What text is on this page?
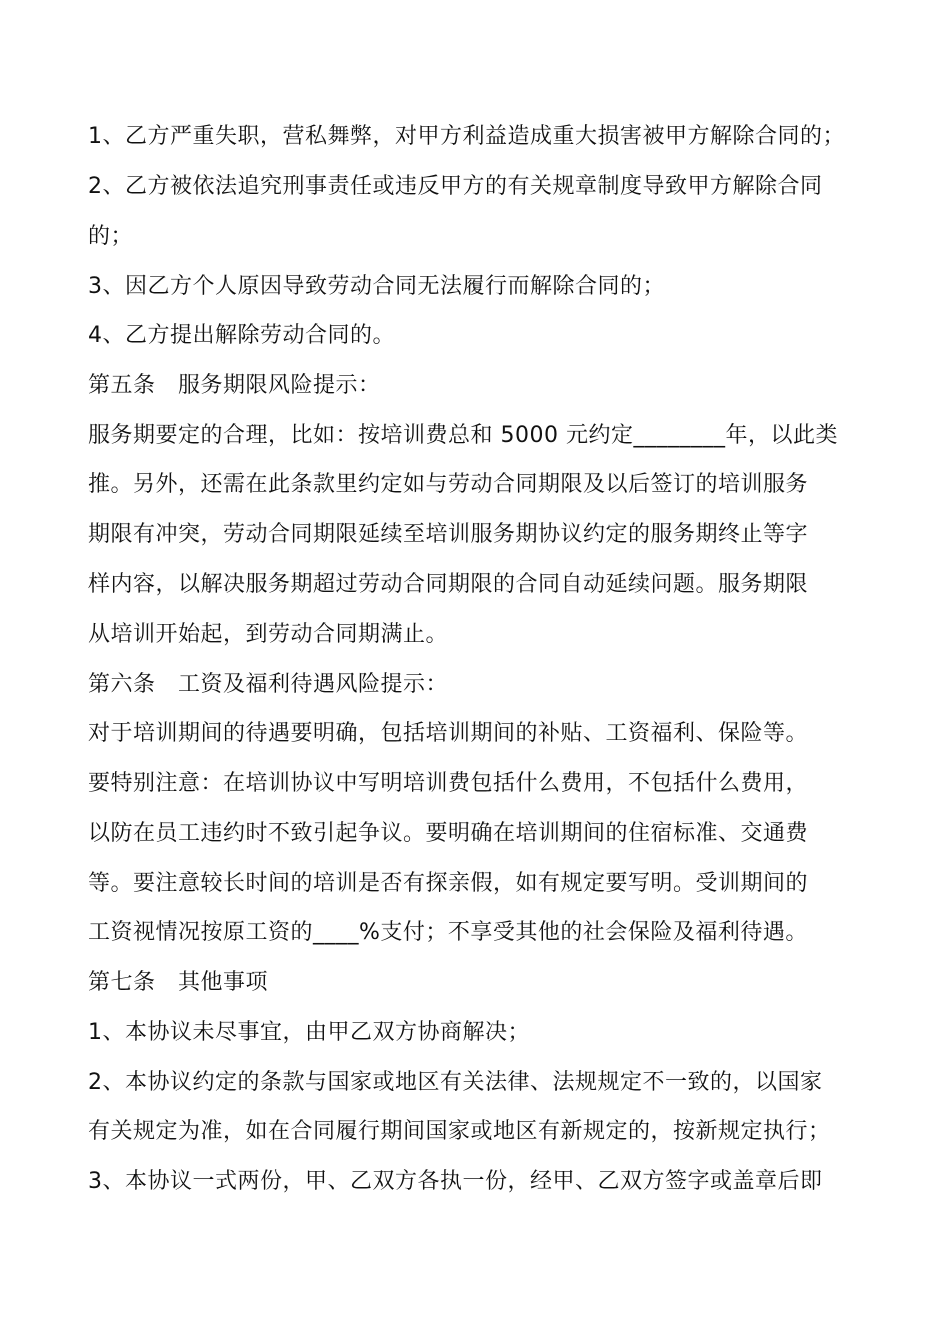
1、乙方严重失职，营私舞弊，对甲方利益造成重大损害被甲方解除合同的；
2、乙方被依法追究刑事责任或违反甲方的有关规章制度导致甲方解除合同
的；
3、因乙方个人原因导致劳动合同无法履行而解除合同的；
4、乙方提出解除劳动合同的。
第五条　服务期限风险提示：
服务期要定的合理，比如：按培训费总和 5000 元约定________年，以此类
推。另外，还需在此条款里约定如与劳动合同期限及以后签订的培训服务
期限有冲突，劳动合同期限延续至培训服务期协议约定的服务期终止等字
样内容，以解决服务期超过劳动合同期限的合同自动延续问题。服务期限
从培训开始起，到劳动合同期满止。
第六条　工资及福利待遇风险提示：
对于培训期间的待遇要明确，包括培训期间的补贴、工资福利、保险等。
要特别注意：在培训协议中写明培训费包括什么费用，不包括什么费用，
以防在员工违约时不致引起争议。要明确在培训期间的住宿标准、交通费
等。要注意较长时间的培训是否有探亲假，如有规定要写明。受训期间的
工资视情况按原工资的____%支付；不享受其他的社会保险及福利待遇。
第七条　其他事项
1、本协议未尽事宜，由甲乙双方协商解决；
2、本协议约定的条款与国家或地区有关法律、法规规定不一致的，以国家
有关规定为准，如在合同履行期间国家或地区有新规定的，按新规定执行；
3、本协议一式两份，甲、乙双方各执一份，经甲、乙双方签字或盖章后即
